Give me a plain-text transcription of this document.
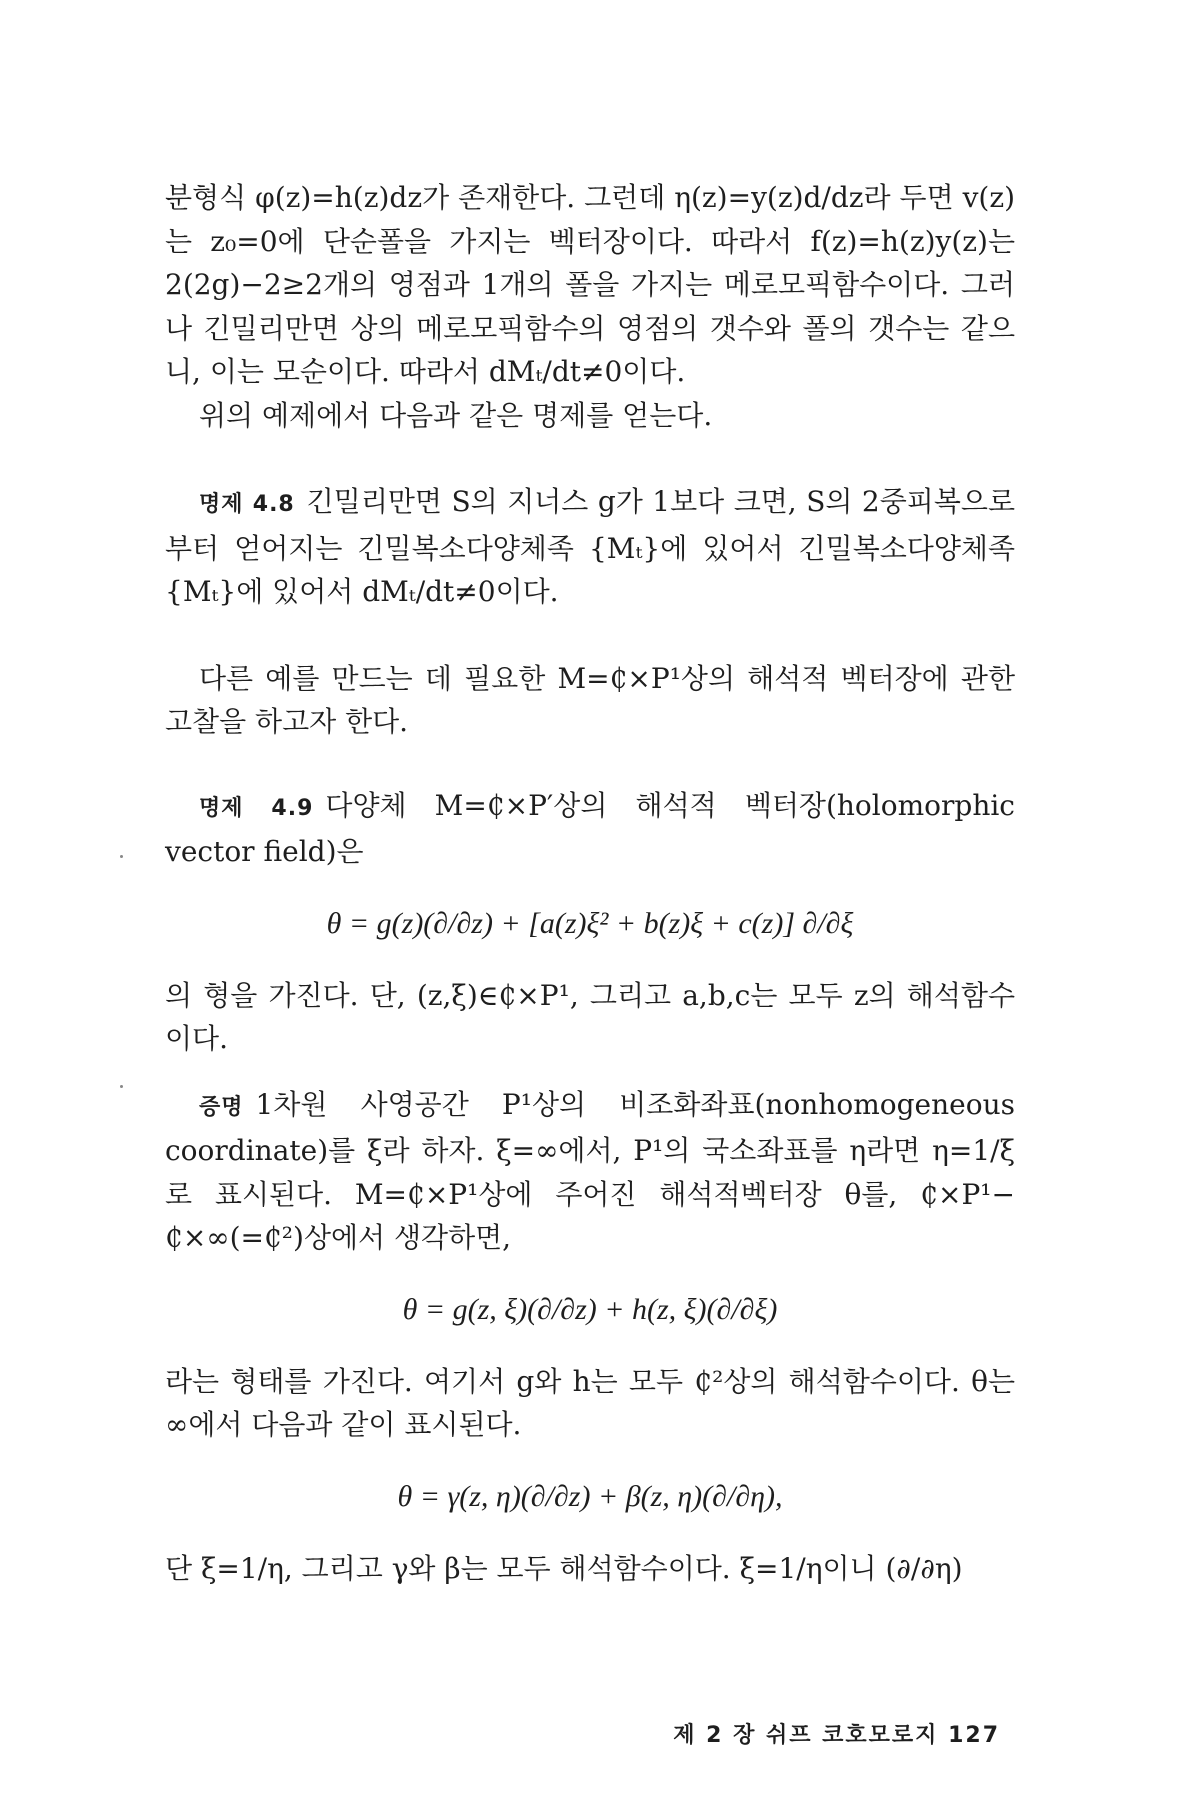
분형식 φ(z)=h(z)dz가 존재한다. 그런데 η(z)=y(z)d/dz라 두면 v(z)는 z₀=0에 단순폴을 가지는 벡터장이다. 따라서 f(z)=h(z)y(z)는 2(2g)−2≥2개의 영점과 1개의 폴을 가지는 메로모픽함수이다. 그러나 긴밀리만면 상의 메로모픽함수의 영점의 갯수와 폴의 갯수는 같으니, 이는 모순이다. 따라서 dMₜ/dt≠0이다.

위의 예제에서 다음과 같은 명제를 얻는다.

명제 4.8 긴밀리만면 S의 지너스 g가 1보다 크면, S의 2중피복으로부터 얻어지는 긴밀복소다양체족 {Mₜ}에 있어서 긴밀복소다양체족 {Mₜ}에 있어서 dMₜ/dt≠0이다.

다른 예를 만드는 데 필요한 M=₵×P¹상의 해석적 벡터장에 관한 고찰을 하고자 한다.

명제 4.9 다양체 M=₵×P′상의 해석적 벡터장(holomorphic vector field)은

θ = g(z)(∂/∂z) + [a(z)ξ² + b(z)ξ + c(z)] ∂/∂ξ

의 형을 가진다. 단, (z,ξ)∈₵×P¹, 그리고 a,b,c는 모두 z의 해석함수이다.

증명 1차원 사영공간 P¹상의 비조화좌표(nonhomogeneous coordinate)를 ξ라 하자. ξ=∞에서, P¹의 국소좌표를 η라면 η=1/ξ로 표시된다. M=₵×P¹상에 주어진 해석적벡터장 θ를, ₵×P¹−₵×∞(=₵²)상에서 생각하면,

θ = g(z, ξ)(∂/∂z) + h(z, ξ)(∂/∂ξ)

라는 형태를 가진다. 여기서 g와 h는 모두 ₵²상의 해석함수이다. θ는 ∞에서 다음과 같이 표시된다.

θ = γ(z, η)(∂/∂z) + β(z, η)(∂/∂η),

단 ξ=1/η, 그리고 γ와 β는 모두 해석함수이다. ξ=1/η이니 (∂/∂η)

제 2 장 쉬프 코호모로지 127
